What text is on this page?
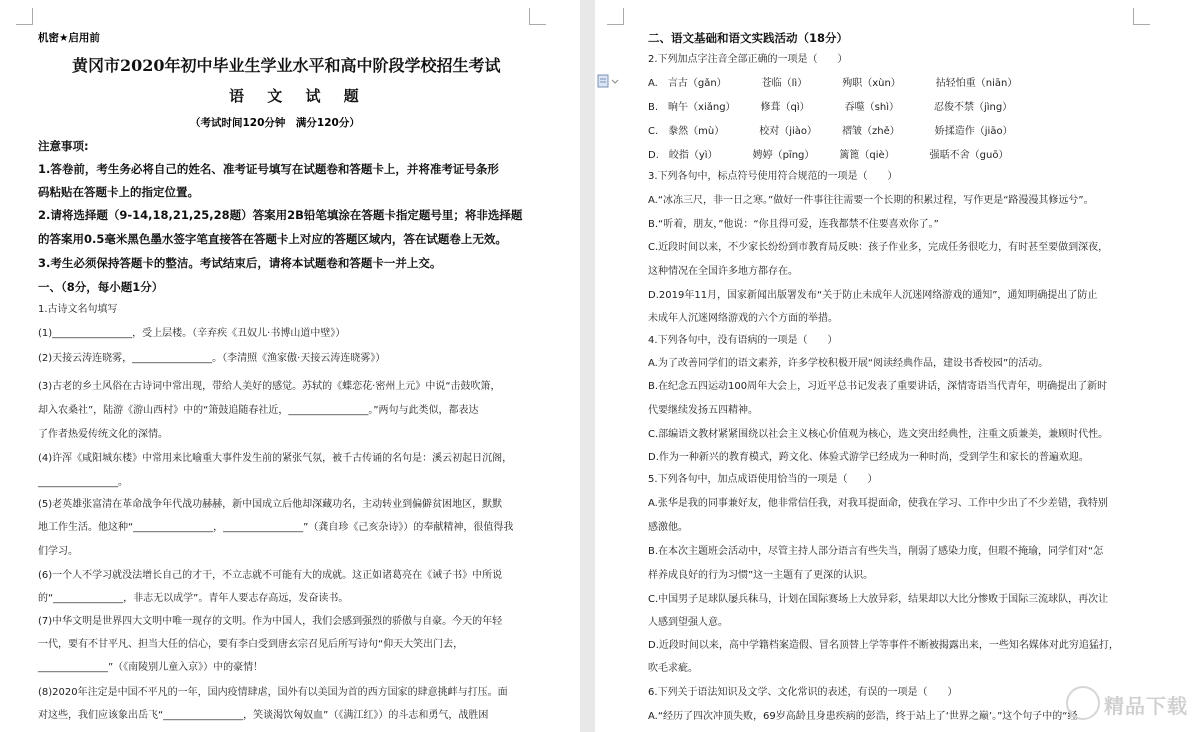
机密★启用前
黄冈市2020年初中毕业生学业水平和高中阶段学校招生考试
语 文 试 题
（考试时间120分钟　满分120分）
注意事项:
1.答卷前，考生务必将自己的姓名、准考证号填写在试题卷和答题卡上，并将准考证号条形
码粘贴在答题卡上的指定位置。
2.请将选择题（9-14,18,21,25,28题）答案用2B铅笔填涂在答题卡指定题号里；将非选择题
的答案用0.5毫米黑色墨水签字笔直接答在答题卡上对应的答题区域内，答在试题卷上无效。
3.考生必须保持答题卡的整洁。考试结束后，请将本试题卷和答题卡一并上交。
一、（8分，每小题1分）
1.古诗文名句填写
(1)________________，受上层楼。（辛弃疾《丑奴儿·书博山道中壁》）
(2)天接云涛连晓雾，________________。（李清照《渔家傲·天接云涛连晓雾》）
(3)古老的乡土风俗在古诗词中常出现，带给人美好的感觉。苏轼的《蝶恋花·密州上元》中说“击鼓吹箫，
却入农桑社”，陆游《游山西村》中的“箫鼓追随春社近，________________。”两句与此类似，都表达
了作者热爱传统文化的深情。
(4)许浑《咸阳城东楼》中常用来比喻重大事件发生前的紧张气氛，被千古传诵的名句是：溪云初起日沉阁，
________________。
(5)老英雄张富清在革命战争年代战功赫赫，新中国成立后他却深藏功名，主动转业到偏僻贫困地区，默默
地工作生活。他这种“________________，________________”（龚自珍《己亥杂诗》）的奉献精神，很值得我
们学习。
(6)一个人不学习就没法增长自己的才干，不立志就不可能有大的成就。这正如诸葛亮在《诫子书》中所说
的“______________，非志无以成学”。青年人要志存高远，发奋读书。
(7)中华文明是世界四大文明中唯一现存的文明。作为中国人，我们会感到强烈的骄傲与自豪。今天的年轻
一代，要有不甘平凡、担当大任的信心，要有李白受到唐玄宗召见后所写诗句“仰天大笑出门去，
______________”（《南陵别儿童入京》）中的豪情！
(8)2020年注定是中国不平凡的一年，国内疫情肆虐，国外有以美国为首的西方国家的肆意挑衅与打压。面
对这些，我们应该象出岳飞“________________，笑谈渴饮匈奴血”（《满江红》）的斗志和勇气，战胜困
二、语文基础和语文实践活动（18分）
2.下列加点字注音全部正确的一项是（　　）
A.　言古（gǎn）　　　　苍临（lì）　　　　殉职（xùn）　　　　拈轻怕重（niān）
B.　晌午（xiǎng）　　　修葺（qì）　　　　吞噬（shì）　　　　忍俊不禁（jìng）
C.　豢然（mù）　　　　校对（jiào）　　　褶皱（zhě）　　　　娇揉造作（jiāo）
D.　皎指（yì）　　　　娉婷（pīng）　　　篱篦（qiè）　　　　强聒不舍（guō）
3.下列各句中，标点符号使用符合规范的一项是（　　）
A.“冰冻三尺，非一日之寒。”做好一件事往往需要一个长期的积累过程，写作更是“路漫漫其修远兮”。
B.“听着，朋友，”他说：“你且得可爱，连我都禁不住要喜欢你了。”
C.近段时间以来，不少家长纷纷到市教育局反映：孩子作业多，完成任务很吃力，有时甚至要做到深夜，
这种情况在全国许多地方都存在。
D.2019年11月，国家新闻出版署发布“关于防止未成年人沉迷网络游戏的通知”，通知明确提出了防止
未成年人沉迷网络游戏的六个方面的举措。
4.下列各句中，没有语病的一项是（　　）
A.为了改善同学们的语文素养，许多学校积极开展“阅读经典作品，建设书香校园”的活动。
B.在纪念五四运动100周年大会上，习近平总书记发表了重要讲话，深情寄语当代青年，明确提出了新时
代要继续发扬五四精神。
C.部编语文教材紧紧围绕以社会主义核心价值观为核心，选文突出经典性，注重文质兼美，兼顾时代性。
D.作为一种新兴的教育模式，跨文化、体验式游学已经成为一种时尚，受到学生和家长的普遍欢迎。
5.下列各句中，加点成语使用恰当的一项是（　　）
A.张华是我的同事兼好友，他非常信任我，对我耳提面命，使我在学习、工作中少出了不少差错，我特别
感激他。
B.在本次主题班会活动中，尽管主持人部分语言有些失当，削弱了感染力度，但瑕不掩瑜，同学们对“怎
样养成良好的行为习惯”这一主题有了更深的认识。
C.中国男子足球队屡兵秣马，计划在国际赛场上大放异彩，结果却以大比分惨败于国际三流球队，再次让
人感到望强人意。
D.近段时间以来，高中学籍档案造假、冒名顶替上学等事件不断被揭露出来，一些知名媒体对此穷追猛打，
吹毛求疵。
6.下列关于语法知识及文学、文化常识的表述，有误的一项是（　　）
A.“经历了四次冲顶失败，69岁高龄且身患疾病的彭浩，终于站上了‘世界之巅’。”这个句子中的“经 精品下载
